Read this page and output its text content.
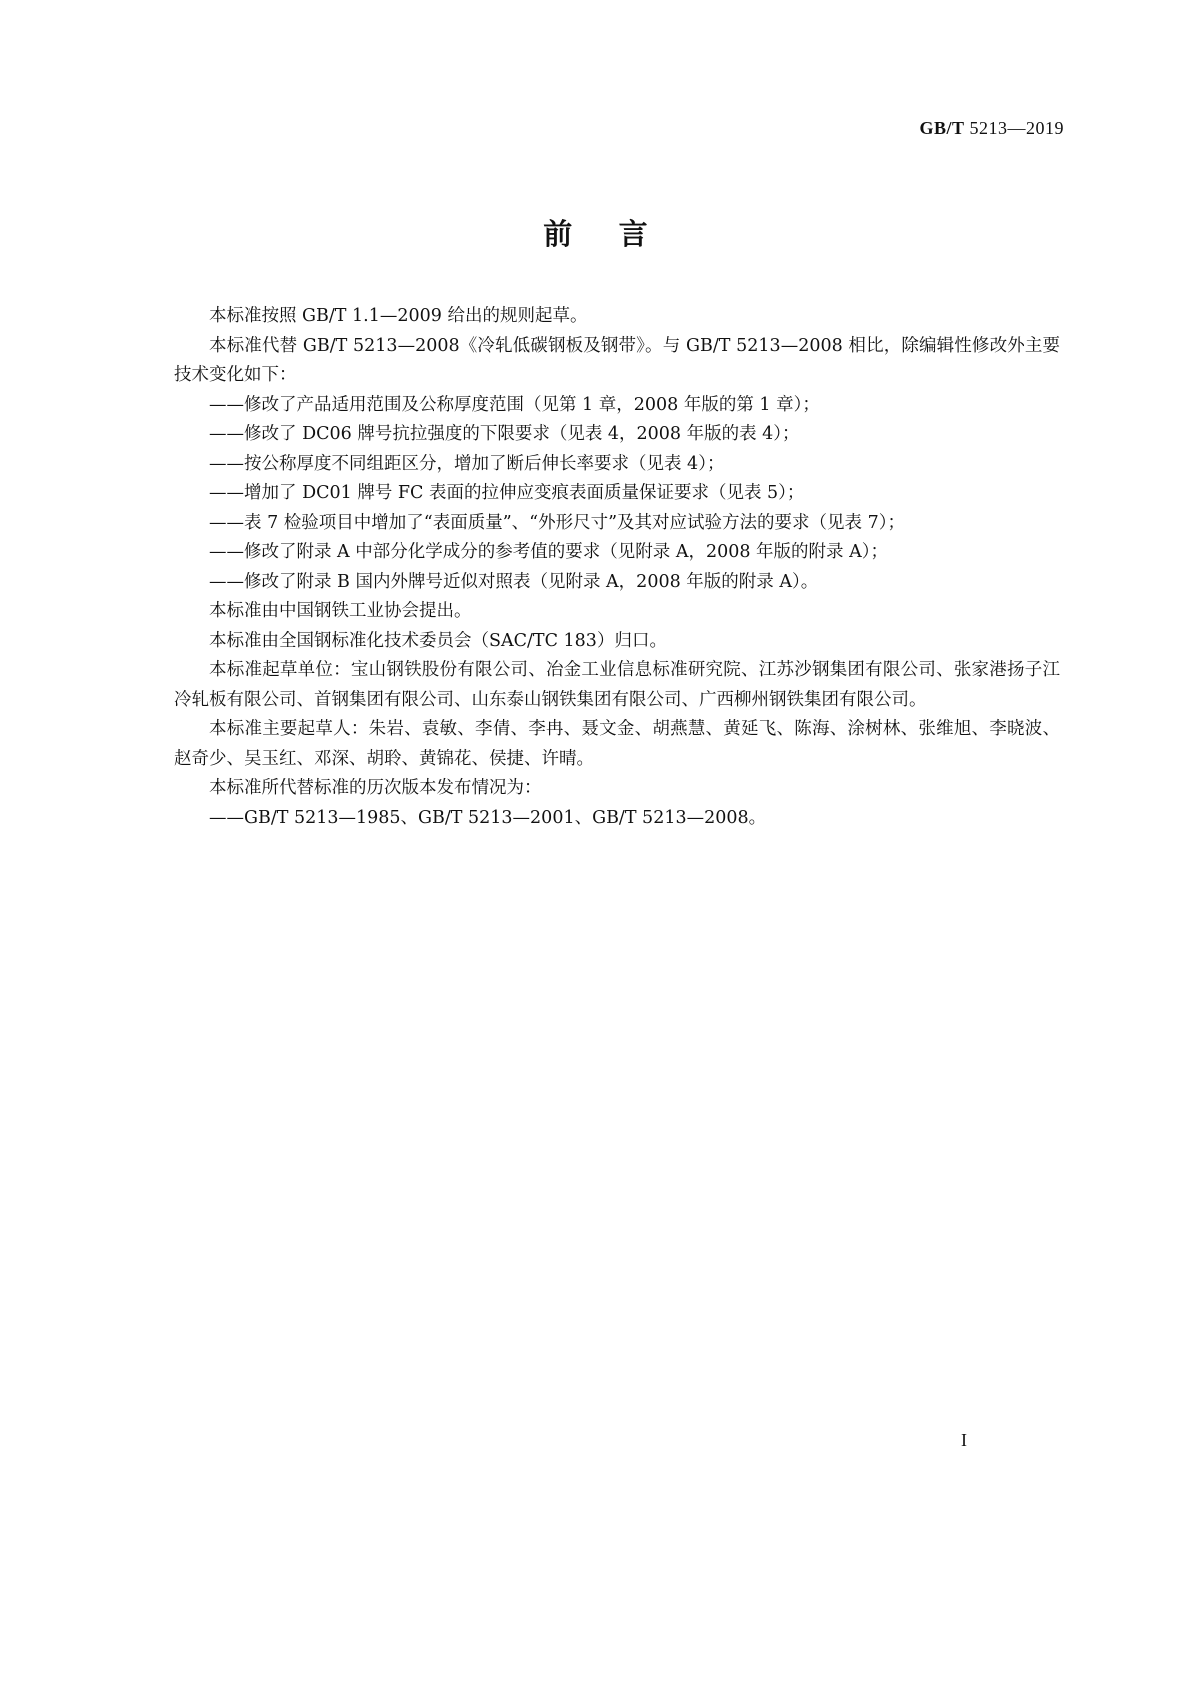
GB/T 5213—2019
前言

本标准按照 GB/T 1.1—2009 给出的规则起草。

本标准代替 GB/T 5213—2008《冷轧低碳钢板及钢带》。与 GB/T 5213—2008 相比，除编辑性修改外主要技术变化如下：

——修改了产品适用范围及公称厚度范围（见第 1 章，2008 年版的第 1 章）；

——修改了 DC06 牌号抗拉强度的下限要求（见表 4，2008 年版的表 4）；

——按公称厚度不同组距区分，增加了断后伸长率要求（见表 4）；

——增加了 DC01 牌号 FC 表面的拉伸应变痕表面质量保证要求（见表 5）；

——表 7 检验项目中增加了“表面质量”、“外形尺寸”及其对应试验方法的要求（见表 7）；

——修改了附录 A 中部分化学成分的参考值的要求（见附录 A，2008 年版的附录 A）；

——修改了附录 B 国内外牌号近似对照表（见附录 A，2008 年版的附录 A）。

本标准由中国钢铁工业协会提出。

本标准由全国钢标准化技术委员会（SAC/TC 183）归口。

本标准起草单位：宝山钢铁股份有限公司、冶金工业信息标准研究院、江苏沙钢集团有限公司、张家港扬子江冷轧板有限公司、首钢集团有限公司、山东泰山钢铁集团有限公司、广西柳州钢铁集团有限公司。

本标准主要起草人：朱岩、袁敏、李倩、李冉、聂文金、胡燕慧、黄延飞、陈海、涂树林、张维旭、李晓波、赵奇少、吴玉红、邓深、胡聆、黄锦花、侯捷、许晴。

本标准所代替标准的历次版本发布情况为：

——GB/T 5213—1985、GB/T 5213—2001、GB/T 5213—2008。

I
